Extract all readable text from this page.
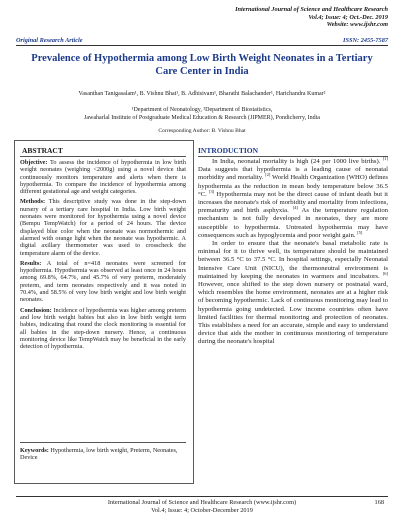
International Journal of Science and Healthcare Research
Vol.4; Issue: 4; Oct.-Dec. 2019
Website: www.ijshr.com
Original Research Article	ISSN: 2455-7587
Prevalence of Hypothermia among Low Birth Weight Neonates in a Tertiary Care Center in India
Vasanthan Tanigasalam¹, B. Vishnu Bhat¹, B. Adhisivam¹, Bharathi Balachander¹, Harichandra Kumar²
¹Department of Neonatology, ²Department of Biostatistics,
Jawaharlal Institute of Postgraduate Medical Education & Research (JIPMER), Pondicherry, India
Corresponding Author: B. Vishnu Bhat
ABSTRACT

Objective: To assess the incidence of hypothermia in low birth weight neonates (weighing <2000g) using a novel device that continuously monitors temperature and alerts when there is hypothermia. To compare the incidence of hypothermia among different gestational age and weight categories.

Methods: This descriptive study was done in the step-down nursery of a tertiary care hospital in India. Low birth weight neonates were monitored for hypothermia using a novel device (Bempu TempWatch) for a period of 24 hours. The device displayed blue color when the neonate was normothermic and alarmed with orange light when the neonate was hypothermic. A digital axillary thermometer was used to crosscheck the temperature alarm of the device.

Results: A total of n=418 neonates were screened for hypothermia. Hypothermia was observed at least once in 24 hours among 69.8%, 64.7%, and 45.7% of very preterm, moderately preterm, and term neonates respectively and it was noted in 70.4%, and 58.5% of very low birth weight and low birth weight neonates.

Conclusion: Incidence of hypothermia was higher among preterm and low birth weight babies but also in low birth weight term babies, indicating that round the clock monitoring is essential for all babies in the step-down nursery. Hence, a continuous monitoring device like TempWatch may be beneficial in the early detection of hypothermia.

Keywords: Hypothermia, low birth weight, Preterm, Neonates, Device
INTRODUCTION

In India, neonatal mortality is high (24 per 1000 live births). [1] Data suggests that hypothermia is a leading cause of neonatal morbidity and mortality. [2] World Health Organization (WHO) defines hypothermia as the reduction in mean body temperature below 36.5 °C. [3] Hypothermia may not be the direct cause of infant death but it increases the neonate's risk of morbidity and mortality from infections, prematurity and birth asphyxia. [4] As the temperature regulation mechanism is not fully developed in neonates, they are more susceptible to hypothermia. Untreated hypothermia may have consequences such as hypoglycemia and poor weight gain. [5]

In order to ensure that the neonate's basal metabolic rate is minimal for it to thrive well, its temperature should be maintained between 36.5 °C to 37.5 °C. In hospital settings, especially Neonatal Intensive Care Unit (NICU), the thermoneutral environment is maintained by keeping the neonates in warmers and incubators. [6] However, once shifted to the step down nursery or postnatal ward, which resembles the home environment, neonates are at a higher risk of becoming hypothermic. Lack of continuous monitoring may lead to hypothermia going undetected. Low income countries often have limited facilities for thermal monitoring and protection of neonates. This establishes a need for an accurate, simple and easy to understand device that aids the mother in continuous monitoring of temperature during the neonate's hospital

International Journal of Science and Healthcare Research (www.ijshr.com)
Vol.4; Issue: 4; October-December 2019
168
